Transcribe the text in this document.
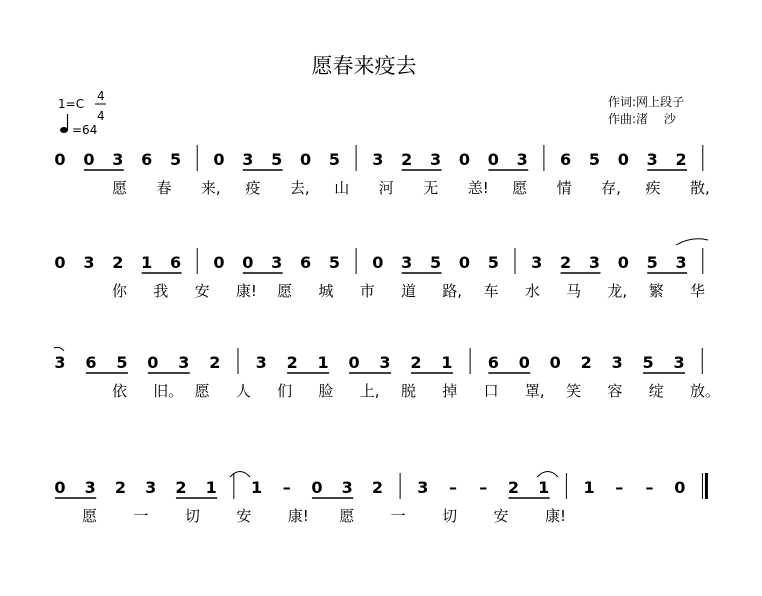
愿春来疫去
1=C
4
4
=64
作词:网上段子
作曲:渚　 沙
0 0 3 6 5 0 3 5 0 5 3 2 3 0 0 3 6 5 0 3 2
愿 春 来, 疫 去, 山 河 无 恙! 愿 情 存, 疾 散,
0 3 2 1 6 0 0 3 6 5 0 3 5 0 5 3 2 3 0 5 3
你 我 安 康! 愿 城 市 道 路, 车 水 马 龙, 繁 华
3 6 5 0 3 2 3 2 1 0 3 2 1 6 0 0 2 3 5 3
依 旧。 愿 人 们 脸 上, 脱 掉 口 罩, 笑 容 绽 放。
0 3 2 3 2 1 1 – 0 3 2 3 – – 2 1 1 – – 0
愿 一 切 安 康! 愿 一 切 安 康!
